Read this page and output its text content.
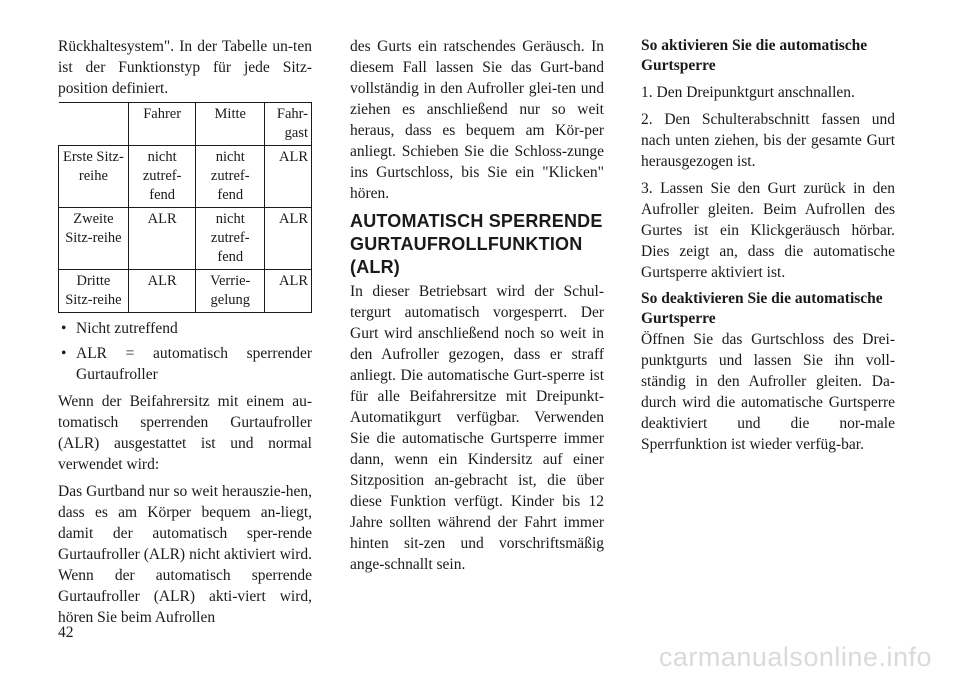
Rückhaltesystem". In der Tabelle un-ten ist der Funktionstyp für jede Sitz-position definiert.

	Fahrer	Mitte	Fahr-gast
Erste Sitz-reihe	nicht zutref-fend	nicht zutref-fend	ALR
Zweite Sitz-reihe	ALR	nicht zutref-fend	ALR
Dritte Sitz-reihe	ALR	Verrie-gelung	ALR
• Nicht zutreffend
• ALR = automatisch sperrender Gurtaufroller

Wenn der Beifahrersitz mit einem au-tomatisch sperrenden Gurtaufroller (ALR) ausgestattet ist und normal verwendet wird:

Das Gurtband nur so weit herauszie-hen, dass es am Körper bequem an-liegt, damit der automatisch sper-rende Gurtaufroller (ALR) nicht aktiviert wird. Wenn der automatisch sperrende Gurtaufroller (ALR) akti-viert wird, hören Sie beim Aufrollen

des Gurts ein ratschendes Geräusch. In diesem Fall lassen Sie das Gurt-band vollständig in den Aufroller glei-ten und ziehen es anschließend nur so weit heraus, dass es bequem am Kör-per anliegt. Schieben Sie die Schloss-zunge ins Gurtschloss, bis Sie ein "Klicken" hören.

AUTOMATISCH SPERRENDE GURTAUFROLLFUNKTION (ALR)

In dieser Betriebsart wird der Schul-tergurt automatisch vorgesperrt. Der Gurt wird anschließend noch so weit in den Aufroller gezogen, dass er straff anliegt. Die automatische Gurt-sperre ist für alle Beifahrersitze mit Dreipunkt-Automatikgurt verfügbar. Verwenden Sie die automatische Gurtsperre immer dann, wenn ein Kindersitz auf einer Sitzposition an-gebracht ist, die über diese Funktion verfügt. Kinder bis 12 Jahre sollten während der Fahrt immer hinten sit-zen und vorschriftsmäßig ange-schnallt sein.

So aktivieren Sie die automatische Gurtsperre
1. Den Dreipunktgurt anschnallen.
2. Den Schulterabschnitt fassen und nach unten ziehen, bis der gesamte Gurt herausgezogen ist.
3. Lassen Sie den Gurt zurück in den Aufroller gleiten. Beim Aufrollen des Gurtes ist ein Klickgeräusch hörbar. Dies zeigt an, dass die automatische Gurtsperre aktiviert ist.
So deaktivieren Sie die automatische Gurtsperre

Öffnen Sie das Gurtschloss des Drei-punktgurts und lassen Sie ihn voll-ständig in den Aufroller gleiten. Da-durch wird die automatische Gurtsperre deaktiviert und die nor-male Sperrfunktion ist wieder verfüg-bar.

42
carmanualsonline.info
